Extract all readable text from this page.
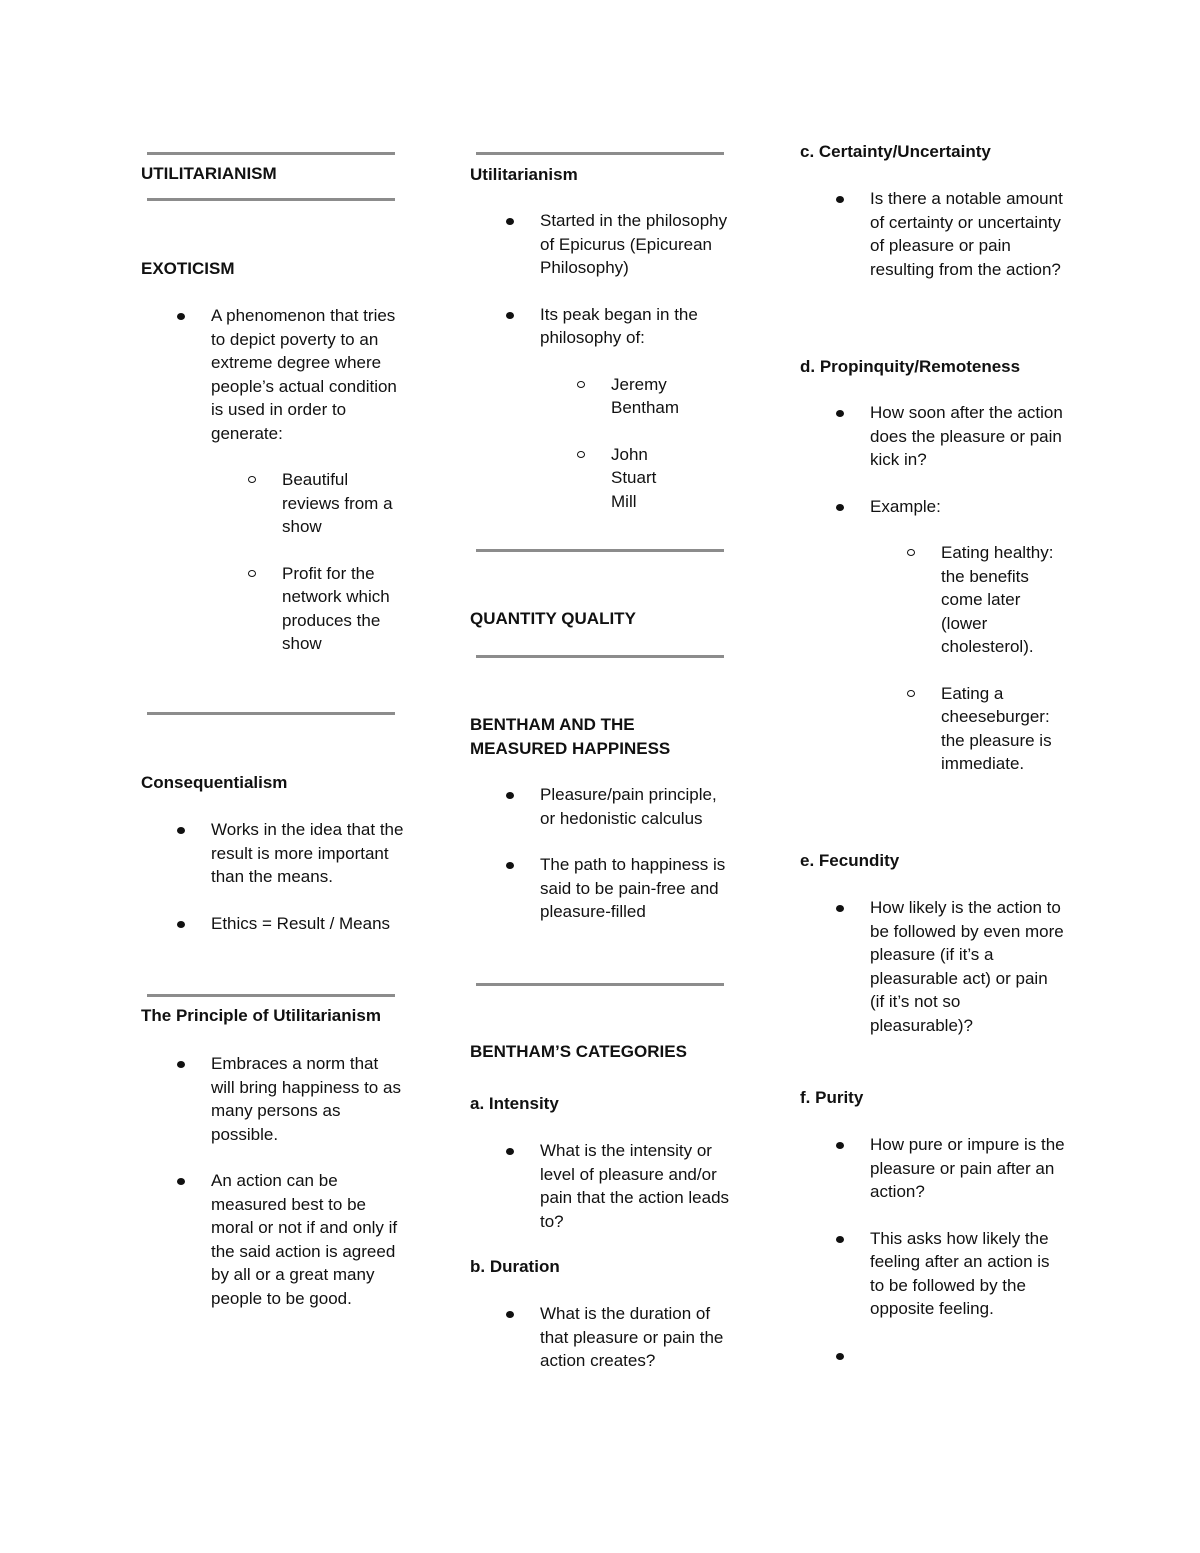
UTILITARIANISM
EXOTICISM
A phenomenon that tries to depict poverty to an extreme degree where people’s actual condition is used in order to generate:
Beautiful reviews from a show
Profit for the network which produces the show
Consequentialism
Works in the idea that the result is more important than the means.
Ethics = Result / Means
The Principle of Utilitarianism
Embraces a norm that will bring happiness to as many persons as possible.
An action can be measured best to be moral or not if and only if the said action is agreed by all or a great many people to be good.
Utilitarianism
Started in the philosophy of Epicurus (Epicurean Philosophy)
Its peak began in the philosophy of:
Jeremy Bentham
John Stuart Mill
QUANTITY QUALITY
BENTHAM AND THE MEASURED HAPPINESS
Pleasure/pain principle, or hedonistic calculus
The path to happiness is said to be pain-free and pleasure-filled
BENTHAM’S CATEGORIES
a. Intensity
What is the intensity or level of pleasure and/or pain that the action leads to?
b. Duration
What is the duration of that pleasure or pain the action creates?
c. Certainty/Uncertainty
Is there a notable amount of certainty or uncertainty of pleasure or pain resulting from the action?
d. Propinquity/Remoteness
How soon after the action does the pleasure or pain kick in?
Example:
Eating healthy: the benefits come later (lower cholesterol).
Eating a cheeseburger: the pleasure is immediate.
e. Fecundity
How likely is the action to be followed by even more pleasure (if it’s a pleasurable act) or pain (if it’s not so pleasurable)?
f. Purity
How pure or impure is the pleasure or pain after an action?
This asks how likely the feeling after an action is to be followed by the opposite feeling.
